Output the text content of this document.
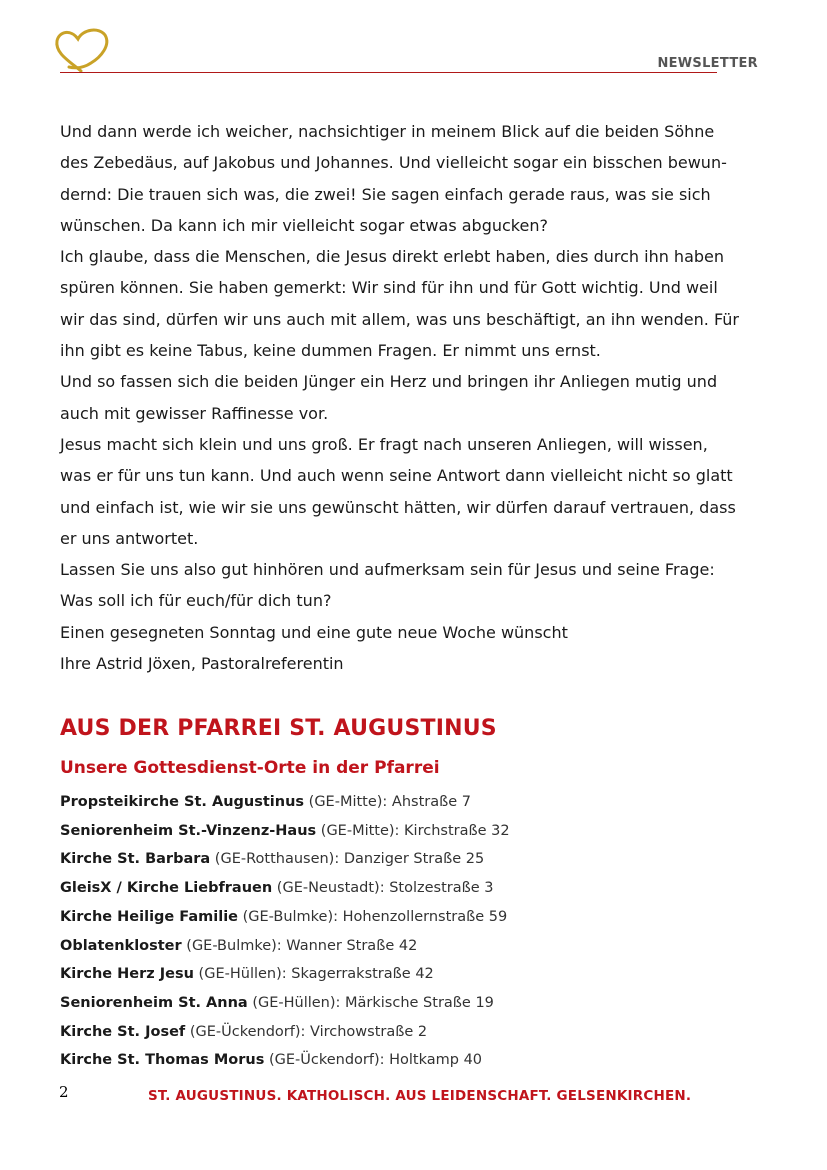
NEWSLETTER
Und dann werde ich weicher, nachsichtiger in meinem Blick auf die beiden Söhne
des Zebedäus, auf Jakobus und Johannes. Und vielleicht sogar ein bisschen bewun-
dernd: Die trauen sich was, die zwei! Sie sagen einfach gerade raus, was sie sich
wünschen. Da kann ich mir vielleicht sogar etwas abgucken?
Ich glaube, dass die Menschen, die Jesus direkt erlebt haben, dies durch ihn haben
spüren können. Sie haben gemerkt: Wir sind für ihn und für Gott wichtig. Und weil
wir das sind, dürfen wir uns auch mit allem, was uns beschäftigt, an ihn wenden. Für
ihn gibt es keine Tabus, keine dummen Fragen. Er nimmt uns ernst.
Und so fassen sich die beiden Jünger ein Herz und bringen ihr Anliegen mutig und
auch mit gewisser Raffinesse vor.
Jesus macht sich klein und uns groß. Er fragt nach unseren Anliegen, will wissen,
was er für uns tun kann. Und auch wenn seine Antwort dann vielleicht nicht so glatt
und einfach ist, wie wir sie uns gewünscht hätten, wir dürfen darauf vertrauen, dass
er uns antwortet.
Lassen Sie uns also gut hinhören und aufmerksam sein für Jesus und seine Frage:
Was soll ich für euch/für dich tun?
Einen gesegneten Sonntag und eine gute neue Woche wünscht
Ihre Astrid Jöxen, Pastoralreferentin
AUS DER PFARREI ST. AUGUSTINUS
Unsere Gottesdienst-Orte in der Pfarrei
Propsteikirche St. Augustinus (GE-Mitte): Ahstraße 7
Seniorenheim St.-Vinzenz-Haus (GE-Mitte): Kirchstraße 32
Kirche St. Barbara (GE-Rotthausen): Danziger Straße 25
GleisX / Kirche Liebfrauen (GE-Neustadt): Stolzestraße 3
Kirche Heilige Familie (GE-Bulmke): Hohenzollernstraße 59
Oblatenkloster (GE-Bulmke): Wanner Straße 42
Kirche Herz Jesu (GE-Hüllen): Skagerrakstraße 42
Seniorenheim St. Anna (GE-Hüllen): Märkische Straße 19
Kirche St. Josef (GE-Ückendorf): Virchowstraße 2
Kirche St. Thomas Morus (GE-Ückendorf): Holtkamp 40
2	ST. AUGUSTINUS. KATHOLISCH. AUS LEIDENSCHAFT. GELSENKIRCHEN.
